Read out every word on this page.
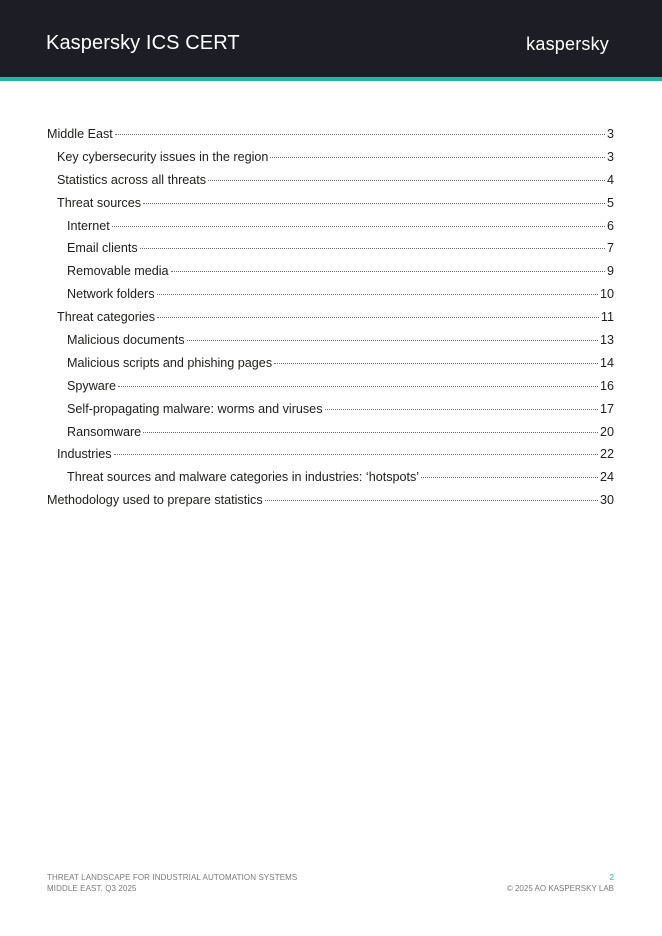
Kaspersky ICS CERT	kaspersky
Middle East	3
Key cybersecurity issues in the region	3
Statistics across all threats	4
Threat sources	5
Internet	6
Email clients	7
Removable media	9
Network folders	10
Threat categories	11
Malicious documents	13
Malicious scripts and phishing pages	14
Spyware	16
Self-propagating malware: worms and viruses	17
Ransomware	20
Industries	22
Threat sources and malware categories in industries: ‘hotspots’	24
Methodology used to prepare statistics	30
THREAT LANDSCAPE FOR INDUSTRIAL AUTOMATION SYSTEMS
MIDDLE EAST. Q3 2025
2
© 2025 AO KASPERSKY LAB
